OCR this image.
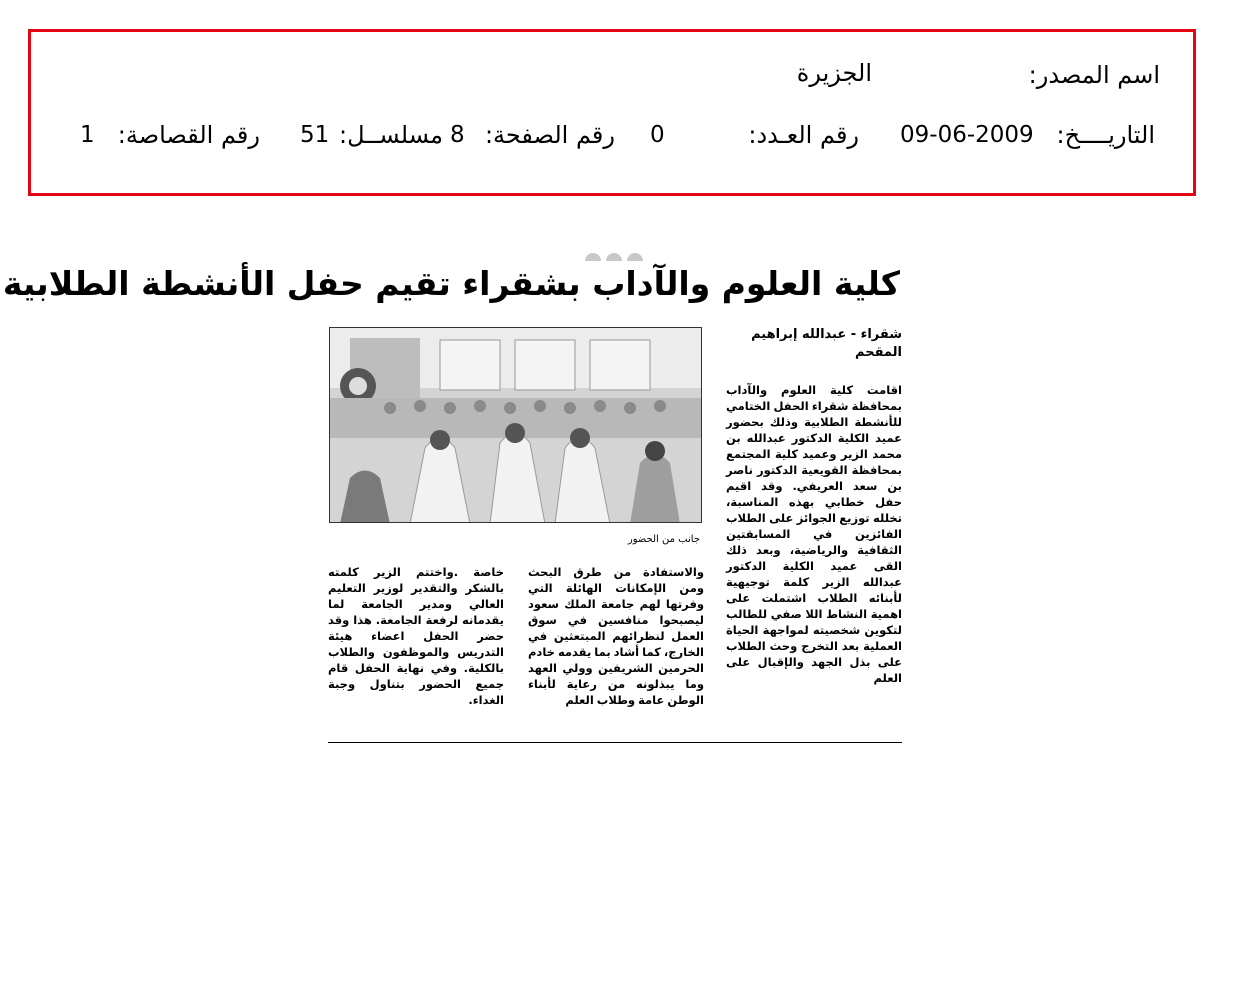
اسم المصدر:
الجزيرة
التاريــــخ:
09-06-2009
رقم العـدد:
0
رقم الصفحة:
8
مسلســل:
51
رقم القصاصة:
1
كلية العلوم والآداب بشقراء تقيم حفل الأنشطة الطلابية
شقراء - عبدالله إبراهيم
المقحم
جانب من الحضور
اقامت كلية العلوم والآداب بمحافظة شقراء الحفل الختامي للأنشطة الطلابية وذلك بحضور عميد الكلية الدكتور عبدالله بن محمد الزير وعميد كلية المجتمع بمحافظة القويعية الدكتور ناصر بن سعد العريفي. وقد اقيم حفل خطابي بهذه المناسبة، تخلله توزيع الجوائز على الطلاب الفائزين في المسابقتين الثقافية والرياضية، وبعد ذلك القى عميد الكلية الدكتور عبدالله الزير كلمة توجيهية لأبنائه الطلاب اشتملت على اهمية النشاط اللا صفي للطالب لتكوين شخصيته لمواجهة الحياة العملية بعد التخرج وحث الطلاب على بذل الجهد والإقبال على العلم
والاستفادة من طرق البحث ومن الإمكانات الهائلة التي وفرتها لهم جامعة الملك سعود ليصبحوا منافسين في سوق العمل لنظرائهم المبتعثين في الخارج، كما أشاد بما يقدمه خادم الحرمين الشريفين وولي العهد وما يبذلونه من رعاية لأبناء الوطن عامة وطلاب العلم
خاصة .واختتم الزير كلمته بالشكر والتقدير لوزير التعليم العالي ومدير الجامعة لما يقدمانه لرفعة الجامعة. هذا وقد حضر الحفل اعضاء هيئة التدريس والموظفون والطلاب بالكلية. وفي نهاية الحفل قام جميع الحضور بتناول وجبة الغداء.
